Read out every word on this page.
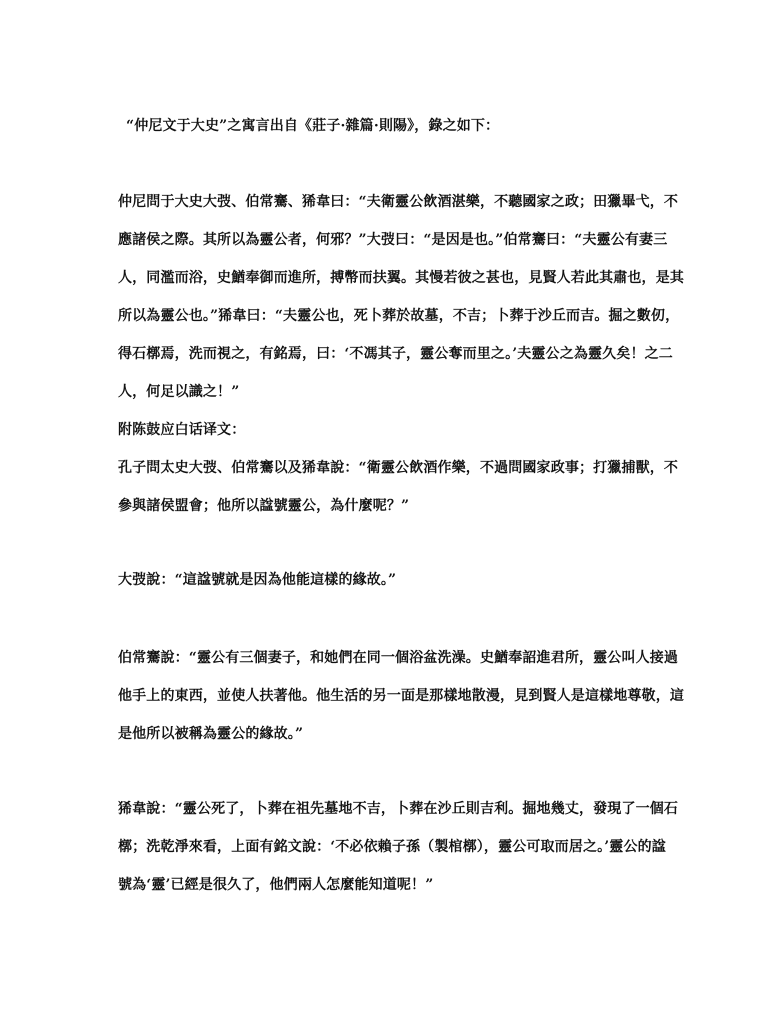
“仲尼文于大史”之寓言出自《莊子·雜篇·則陽》，錄之如下：
仲尼問于大史大弢、伯常騫、狶韋曰：“夫衛靈公飲酒湛樂，不聽國家之政；田獵畢弋，不
應諸侯之際。其所以為靈公者，何邪？”大弢曰：“是因是也。”伯常騫曰：“夫靈公有妻三
人，同濫而浴，史鰌奉御而進所，搏幣而扶翼。其慢若彼之甚也，見賢人若此其肅也，是其
所以為靈公也。”狶韋曰：“夫靈公也，死卜葬於故墓，不吉；卜葬于沙丘而吉。掘之數仞，
得石槨焉，洗而視之，有銘焉，曰：‘不馮其子，靈公奪而里之。’夫靈公之為靈久矣！之二
人，何足以識之！”
附陈鼓应白话译文：
孔子問太史大弢、伯常騫以及狶韋說：“衛靈公飲酒作樂，不過問國家政事；打獵捕獸，不
參與諸侯盟會；他所以諡號靈公，為什麼呢？”
大弢說：“這諡號就是因為他能這樣的緣故。”
伯常騫說：“靈公有三個妻子，和她們在同一個浴盆洗澡。史鰌奉詔進君所，靈公叫人接過
他手上的東西，並使人扶著他。他生活的另一面是那樣地散漫，見到賢人是這樣地尊敬，這
是他所以被稱為靈公的緣故。”
狶韋說：“靈公死了，卜葬在祖先墓地不吉，卜葬在沙丘則吉利。掘地幾丈，發現了一個石
槨；洗乾淨來看，上面有銘文說：‘不必依賴子孫（製棺槨），靈公可取而居之。’靈公的諡
號為‘靈’已經是很久了，他們兩人怎麼能知道呢！”
